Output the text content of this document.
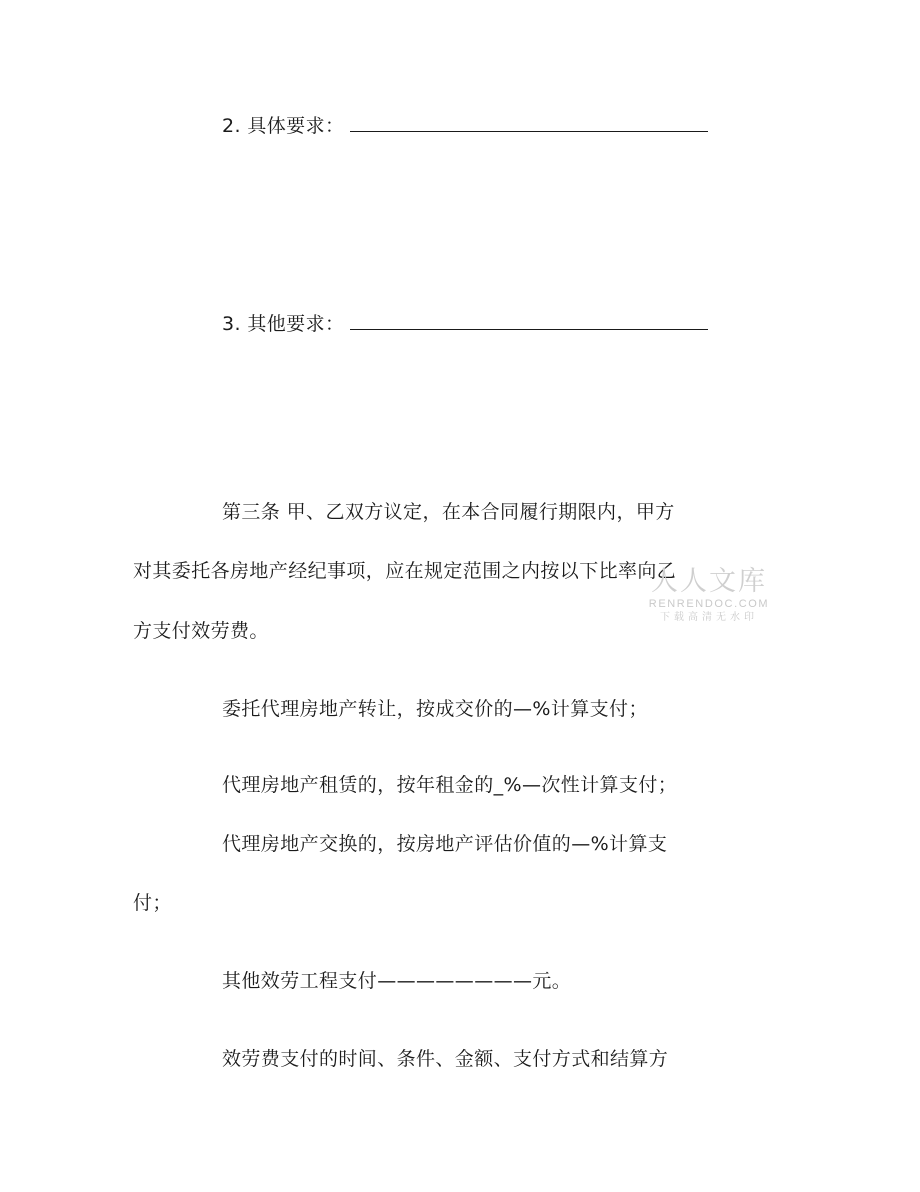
2. 具体要求：
3. 其他要求：
第三条 甲、乙双方议定，在本合同履行期限内，甲方
对其委托各房地产经纪事项，应在规定范围之内按以下比率向乙
方支付效劳费。
委托代理房地产转让，按成交价的—%计算支付；
代理房地产租赁的，按年租金的_%—次性计算支付；
代理房地产交换的，按房地产评估价值的—%计算支
付；
其他效劳工程支付————————元。
效劳费支付的时间、条件、金额、支付方式和结算方
人人文库
RENRENDOC.COM
下载高清无水印
